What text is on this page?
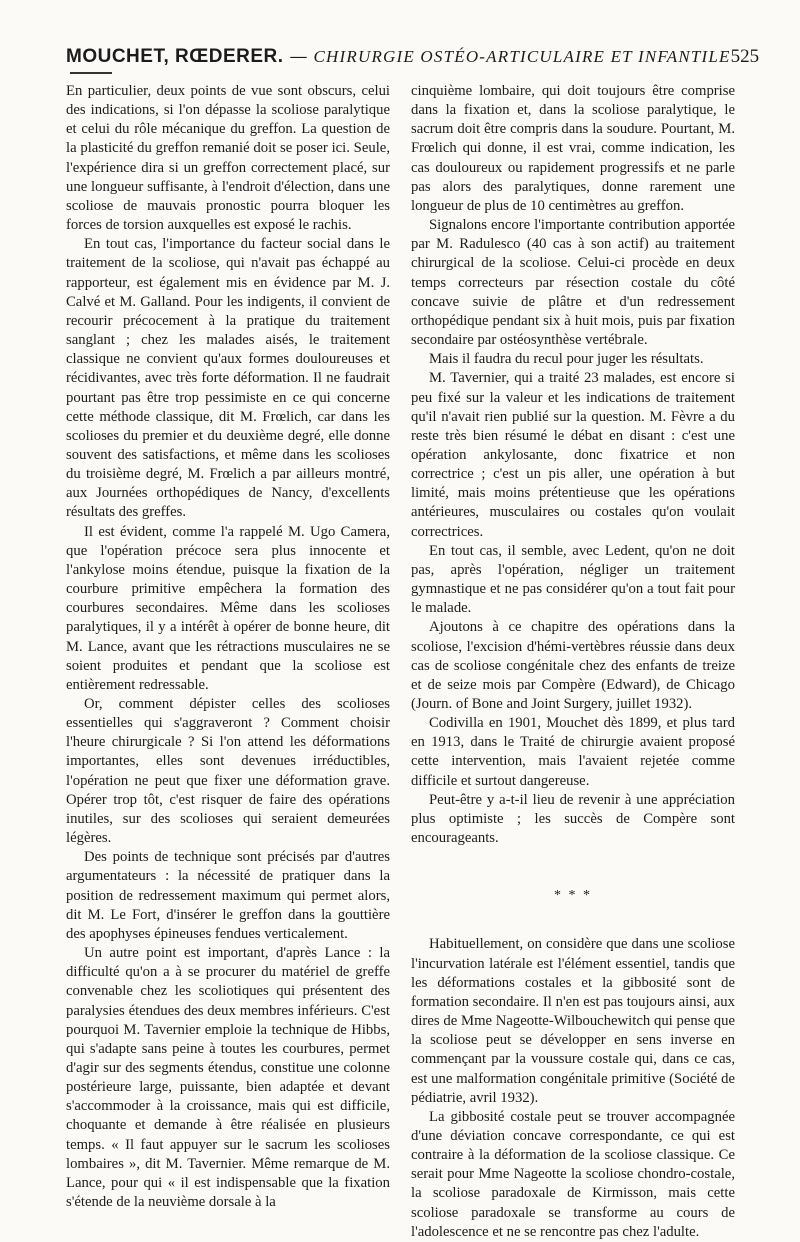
MOUCHET, RŒDERER. — CHIRURGIE OSTÉO-ARTICULAIRE ET INFANTILE 525

En particulier, deux points de vue sont obscurs, celui des indications, si l'on dépasse la scoliose paralytique et celui du rôle mécanique du greffon. La question de la plasticité du greffon remanié doit se poser ici. Seule, l'expérience dira si un greffon correctement placé, sur une longueur suffisante, à l'endroit d'élection, dans une scoliose de mauvais pronostic pourra bloquer les forces de torsion auxquelles est exposé le rachis.

En tout cas, l'importance du facteur social dans le traitement de la scoliose, qui n'avait pas échappé au rapporteur, est également mis en évidence par M. J. Calvé et M. Galland. Pour les indigents, il convient de recourir précocement à la pratique du traitement sanglant ; chez les malades aisés, le traitement classique ne convient qu'aux formes douloureuses et récidivantes, avec très forte déformation. Il ne faudrait pourtant pas être trop pessimiste en ce qui concerne cette méthode classique, dit M. Frœlich, car dans les scolioses du premier et du deuxième degré, elle donne souvent des satisfactions, et même dans les scolioses du troisième degré, M. Frœlich a par ailleurs montré, aux Journées orthopédiques de Nancy, d'excellents résultats des greffes.

Il est évident, comme l'a rappelé M. Ugo Camera, que l'opération précoce sera plus innocente et l'ankylose moins étendue, puisque la fixation de la courbure primitive empêchera la formation des courbures secondaires. Même dans les scolioses paralytiques, il y a intérêt à opérer de bonne heure, dit M. Lance, avant que les rétractions musculaires ne se soient produites et pendant que la scoliose est entièrement redressable.

Or, comment dépister celles des scolioses essentielles qui s'aggraveront ? Comment choisir l'heure chirurgicale ? Si l'on attend les déformations importantes, elles sont devenues irréductibles, l'opération ne peut que fixer une déformation grave. Opérer trop tôt, c'est risquer de faire des opérations inutiles, sur des scolioses qui seraient demeurées légères.

Des points de technique sont précisés par d'autres argumentateurs : la nécessité de pratiquer dans la position de redressement maximum qui permet alors, dit M. Le Fort, d'insérer le greffon dans la gouttière des apophyses épineuses fendues verticalement.

Un autre point est important, d'après Lance : la difficulté qu'on a à se procurer du matériel de greffe convenable chez les scoliotiques qui présentent des paralysies étendues des deux membres inférieurs. C'est pourquoi M. Tavernier emploie la technique de Hibbs, qui s'adapte sans peine à toutes les courbures, permet d'agir sur des segments étendus, constitue une colonne postérieure large, puissante, bien adaptée et devant s'accommoder à la croissance, mais qui est difficile, choquante et demande à être réalisée en plusieurs temps. « Il faut appuyer sur le sacrum les scolioses lombaires », dit M. Tavernier. Même remarque de M. Lance, pour qui « il est indispensable que la fixation s'étende de la neuvième dorsale à la

cinquième lombaire, qui doit toujours être comprise dans la fixation et, dans la scoliose paralytique, le sacrum doit être compris dans la soudure. Pourtant, M. Frœlich qui donne, il est vrai, comme indication, les cas douloureux ou rapidement progressifs et ne parle pas alors des paralytiques, donne rarement une longueur de plus de 10 centimètres au greffon.

Signalons encore l'importante contribution apportée par M. Radulesco (40 cas à son actif) au traitement chirurgical de la scoliose. Celui-ci procède en deux temps correcteurs par résection costale du côté concave suivie de plâtre et d'un redressement orthopédique pendant six à huit mois, puis par fixation secondaire par ostéosynthèse vertébrale.

Mais il faudra du recul pour juger les résultats.

M. Tavernier, qui a traité 23 malades, est encore si peu fixé sur la valeur et les indications de traitement qu'il n'avait rien publié sur la question. M. Fèvre a du reste très bien résumé le débat en disant : c'est une opération ankylosante, donc fixatrice et non correctrice ; c'est un pis aller, une opération à but limité, mais moins prétentieuse que les opérations antérieures, musculaires ou costales qu'on voulait correctrices.

En tout cas, il semble, avec Ledent, qu'on ne doit pas, après l'opération, négliger un traitement gymnastique et ne pas considérer qu'on a tout fait pour le malade.

Ajoutons à ce chapitre des opérations dans la scoliose, l'excision d'hémi-vertèbres réussie dans deux cas de scoliose congénitale chez des enfants de treize et de seize mois par Compère (Edward), de Chicago (Journ. of Bone and Joint Surgery, juillet 1932).

Codivilla en 1901, Mouchet dès 1899, et plus tard en 1913, dans le Traité de chirurgie avaient proposé cette intervention, mais l'avaient rejetée comme difficile et surtout dangereuse.

Peut-être y a-t-il lieu de revenir à une appréciation plus optimiste ; les succès de Compère sont encourageants.

* * *

Habituellement, on considère que dans une scoliose l'incurvation latérale est l'élément essentiel, tandis que les déformations costales et la gibbosité sont de formation secondaire. Il n'en est pas toujours ainsi, aux dires de Mme Nageotte-Wilbouchewitch qui pense que la scoliose peut se développer en sens inverse en commençant par la voussure costale qui, dans ce cas, est une malformation congénitale primitive (Société de pédiatrie, avril 1932).

La gibbosité costale peut se trouver accompagnée d'une déviation concave correspondante, ce qui est contraire à la déformation de la scoliose classique. Ce serait pour Mme Nageotte la scoliose chondro-costale, la scoliose paradoxale de Kirmisson, mais cette scoliose paradoxale se transforme au cours de l'adolescence et ne se rencontre pas chez l'adulte.
